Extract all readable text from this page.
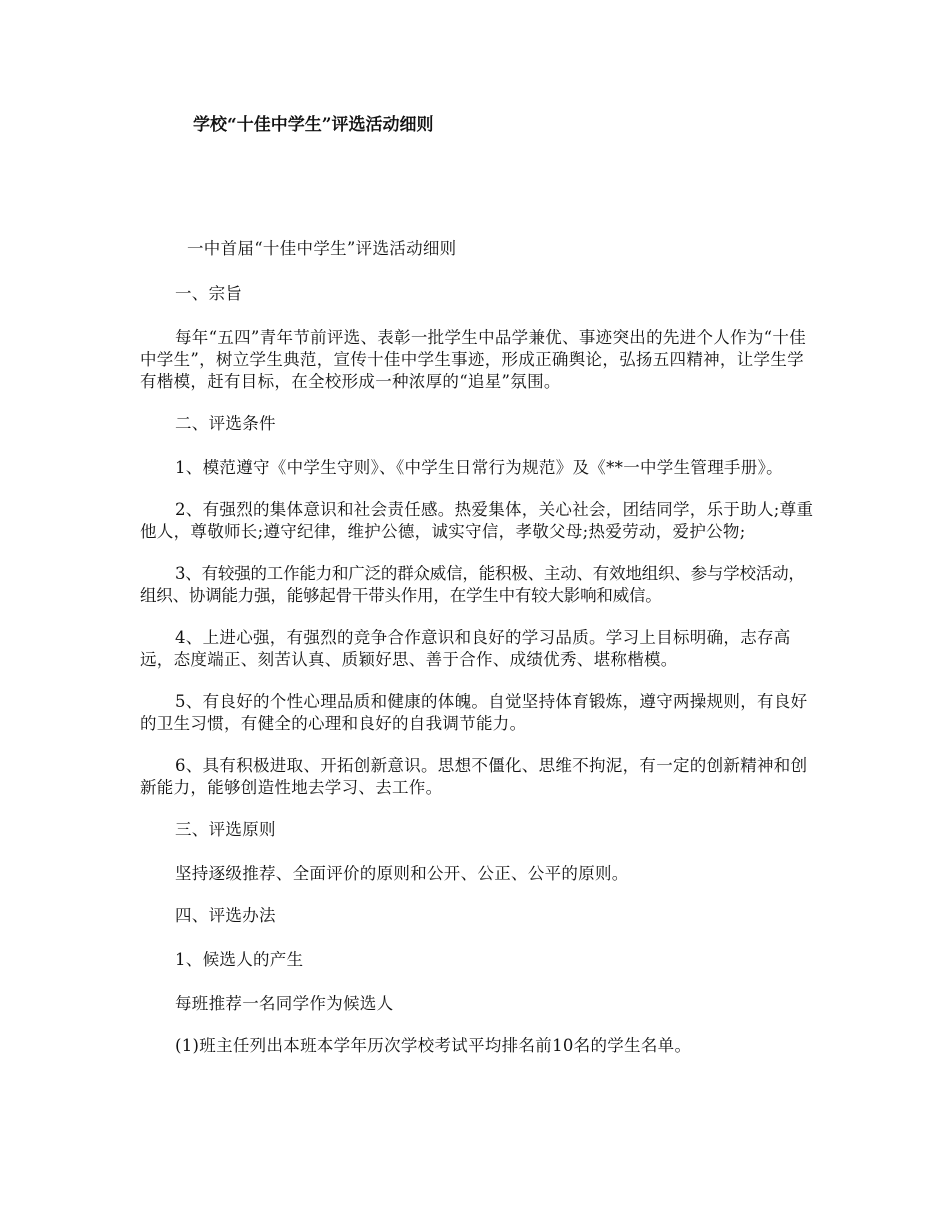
学校“十佳中学生”评选活动细则

一中首届“十佳中学生”评选活动细则

一、宗旨

每年“五四”青年节前评选、表彰一批学生中品学兼优、事迹突出的先进个人作为“十佳中学生”，树立学生典范，宣传十佳中学生事迹，形成正确舆论，弘扬五四精神，让学生学有楷模，赶有目标，在全校形成一种浓厚的“追星”氛围。

二、评选条件

1、模范遵守《中学生守则》、《中学生日常行为规范》及《**一中学生管理手册》。

2、有强烈的集体意识和社会责任感。热爱集体，关心社会，团结同学，乐于助人;尊重他人，尊敬师长;遵守纪律，维护公德，诚实守信，孝敬父母;热爱劳动，爱护公物;

3、有较强的工作能力和广泛的群众威信，能积极、主动、有效地组织、参与学校活动，组织、协调能力强，能够起骨干带头作用，在学生中有较大影响和威信。

4、上进心强，有强烈的竞争合作意识和良好的学习品质。学习上目标明确，志存高远，态度端正、刻苦认真、质颖好思、善于合作、成绩优秀、堪称楷模。

5、有良好的个性心理品质和健康的体魄。自觉坚持体育锻炼，遵守两操规则，有良好的卫生习惯，有健全的心理和良好的自我调节能力。

6、具有积极进取、开拓创新意识。思想不僵化、思维不拘泥，有一定的创新精神和创新能力，能够创造性地去学习、去工作。

三、评选原则

坚持逐级推荐、全面评价的原则和公开、公正、公平的原则。

四、评选办法

1、候选人的产生

每班推荐一名同学作为候选人

(1)班主任列出本班本学年历次学校考试平均排名前10名的学生名单。
